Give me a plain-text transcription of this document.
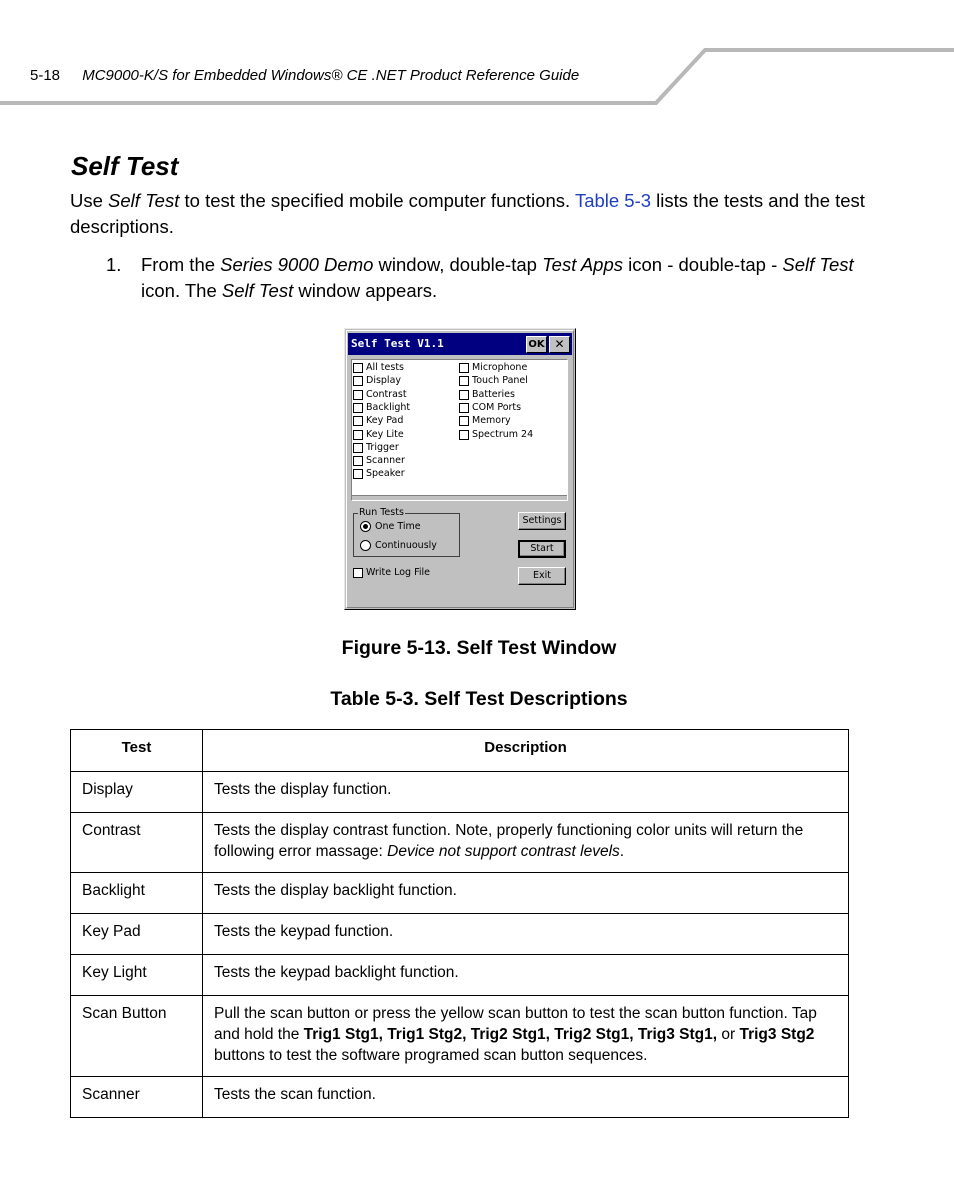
5-18 MC9000-K/S for Embedded Windows® CE .NET Product Reference Guide
Self Test

Use Self Test to test the specified mobile computer functions. Table 5-3 lists the tests and the test descriptions.

1.	From the Series 9000 Demo window, double-tap Test Apps icon - double-tap - Self Test icon. The Self Test window appears.
Self Test V1.1	OK ✕
All tests
Display
Contrast
Backlight
Key Pad
Key Lite
Trigger
Scanner
Speaker
Microphone
Touch Panel
Batteries
COM Ports
Memory
Spectrum 24
Run Tests
One Time
Continuously
Write Log File
Settings
Start
Exit

Figure 5-13. Self Test Window

Table 5-3. Self Test Descriptions

Test	Description
Display	Tests the display function.
Contrast	Tests the display contrast function. Note, properly functioning color units will return the following error massage: Device not support contrast levels.
Backlight	Tests the display backlight function.
Key Pad	Tests the keypad function.
Key Light	Tests the keypad backlight function.
Scan Button	Pull the scan button or press the yellow scan button to test the scan button function. Tap and hold the Trig1 Stg1, Trig1 Stg2, Trig2 Stg1, Trig2 Stg1, Trig3 Stg1, or Trig3 Stg2 buttons to test the software programed scan button sequences.
Scanner	Tests the scan function.
